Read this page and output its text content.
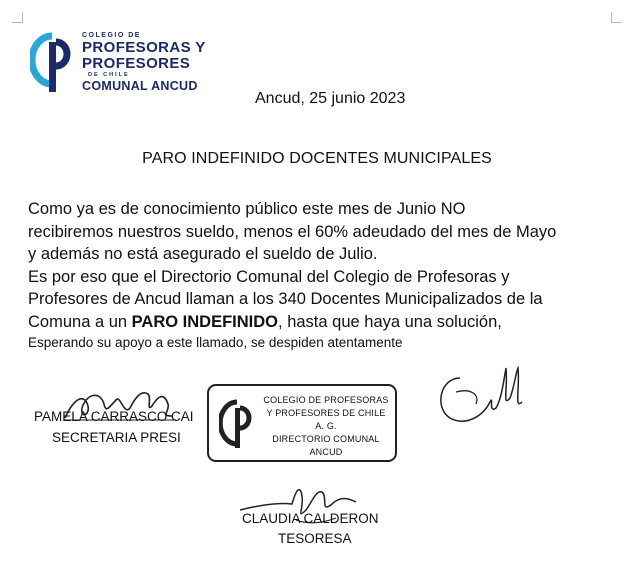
COLEGIO DE
PROFESORAS Y
PROFESORES
DE CHILE
COMUNAL ANCUD
Ancud, 25 junio 2023
PARO INDEFINIDO DOCENTES MUNICIPALES

Como ya es de conocimiento público este mes de Junio NO

recibiremos nuestros sueldo, menos el 60% adeudado del mes de Mayo

y además no está asegurado el sueldo de Julio.

Es por eso que el Directorio Comunal del Colegio de Profesoras y

Profesores de Ancud llaman a los 340 Docentes Municipalizados de la

Comuna a un PARO INDEFINIDO, hasta que haya una solución,

Esperando su apoyo a este llamado, se despiden atentamente

PAMELA CARRASCO CAI
SECRETARIA PRESI
COLEGIO DE PROFESORAS
Y PROFESORES DE CHILE
A. G.
DIRECTORIO COMUNAL ANCUD
CLAUDIA CALDERON
TESORESA
